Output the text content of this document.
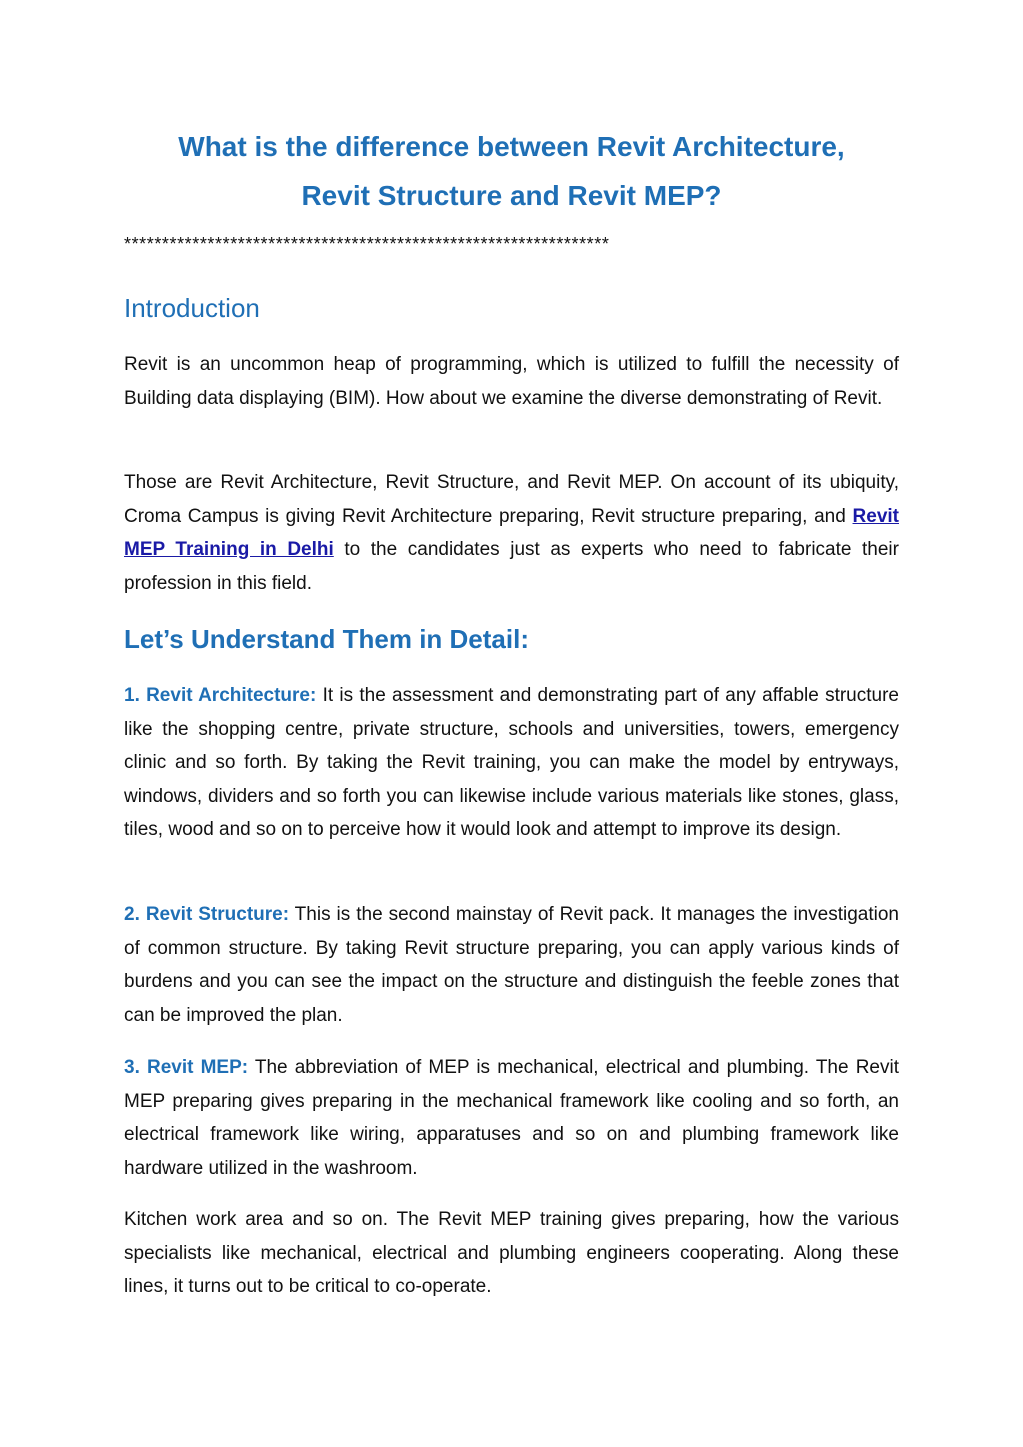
What is the difference between Revit Architecture,
Revit Structure and Revit MEP?

****************************************************************

Introduction

Revit is an uncommon heap of programming, which is utilized to fulfill the necessity of Building data displaying (BIM). How about we examine the diverse demonstrating of Revit.

Those are Revit Architecture, Revit Structure, and Revit MEP. On account of its ubiquity, Croma Campus is giving Revit Architecture preparing, Revit structure preparing, and Revit MEP Training in Delhi to the candidates just as experts who need to fabricate their profession in this field.

Let’s Understand Them in Detail:

1. Revit Architecture: It is the assessment and demonstrating part of any affable structure like the shopping centre, private structure, schools and universities, towers, emergency clinic and so forth. By taking the Revit training, you can make the model by entryways, windows, dividers and so forth you can likewise include various materials like stones, glass, tiles, wood and so on to perceive how it would look and attempt to improve its design.

2. Revit Structure: This is the second mainstay of Revit pack. It manages the investigation of common structure. By taking Revit structure preparing, you can apply various kinds of burdens and you can see the impact on the structure and distinguish the feeble zones that can be improved the plan.

3. Revit MEP: The abbreviation of MEP is mechanical, electrical and plumbing. The Revit MEP preparing gives preparing in the mechanical framework like cooling and so forth, an electrical framework like wiring, apparatuses and so on and plumbing framework like hardware utilized in the washroom.

Kitchen work area and so on. The Revit MEP training gives preparing, how the various specialists like mechanical, electrical and plumbing engineers cooperating. Along these lines, it turns out to be critical to co-operate.
